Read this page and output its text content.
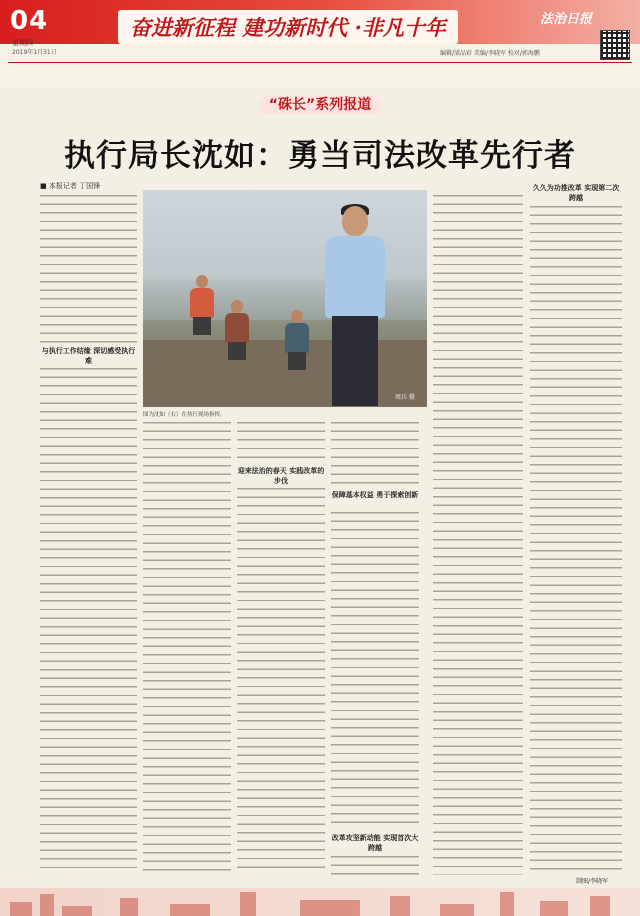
04
星期四
2019年1月31日
奋进新征程 建功新时代 ·非凡十年	法治日报
编辑/梁品彩 美编/李晓军 校对/郭海鹏
“硃长”系列报道
执行局长沈如：勇当司法改革先行者
■ 本报记者 丁国锋
与执行工作结缘 深切感受执行难
周兵 摄
图为沈如（右）在执行现场指挥。
迎来法治的春天 实践改革的步伐
保障基本权益 勇于探索创新
改革攻坚新动能 实现首次大跨越
久久为功推改革 实现第二次跨越
制图/李晓军
